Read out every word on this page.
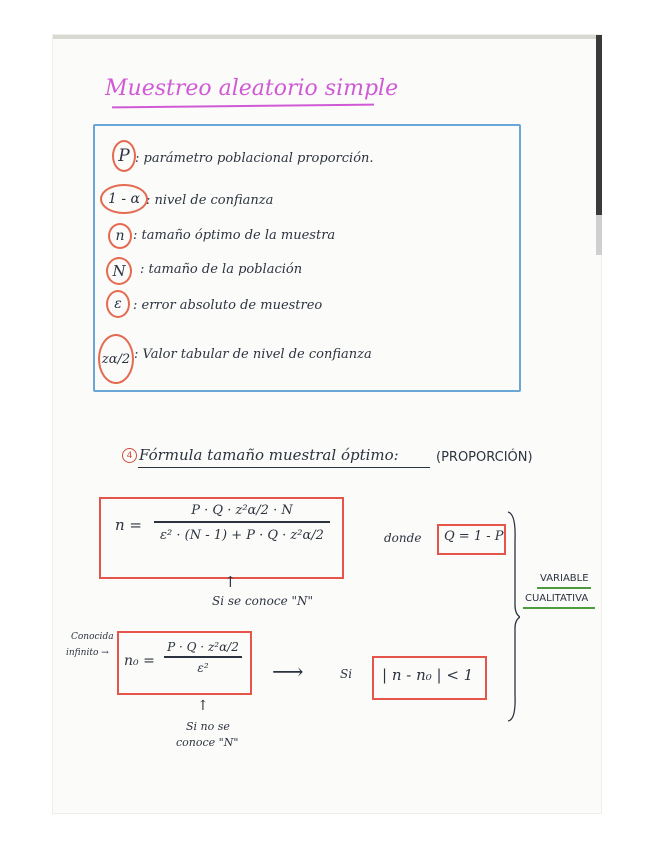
Muestreo aleatorio simple
P : parámetro poblacional proporción.
1 - α : nivel de confianza
n : tamaño óptimo de la muestra
N : tamaño de la población
ε : error absoluto de muestreo
zα/2 : Valor tabular de nivel de confianza
4 Fórmula tamaño muestral óptimo:	(PROPORCIÓN)
n =
P · Q · z²α/2 · N
ε² · (N - 1) + P · Q · z²α/2
↑
Si se conoce "N"
donde Q = 1 - P
VARIABLE
CUALITATIVA
Conocida
infinito → n₀ =
P · Q · z²α/2
ε²
↑
Si no se
conoce "N"
⟶	Si | n - n₀ | < 1
